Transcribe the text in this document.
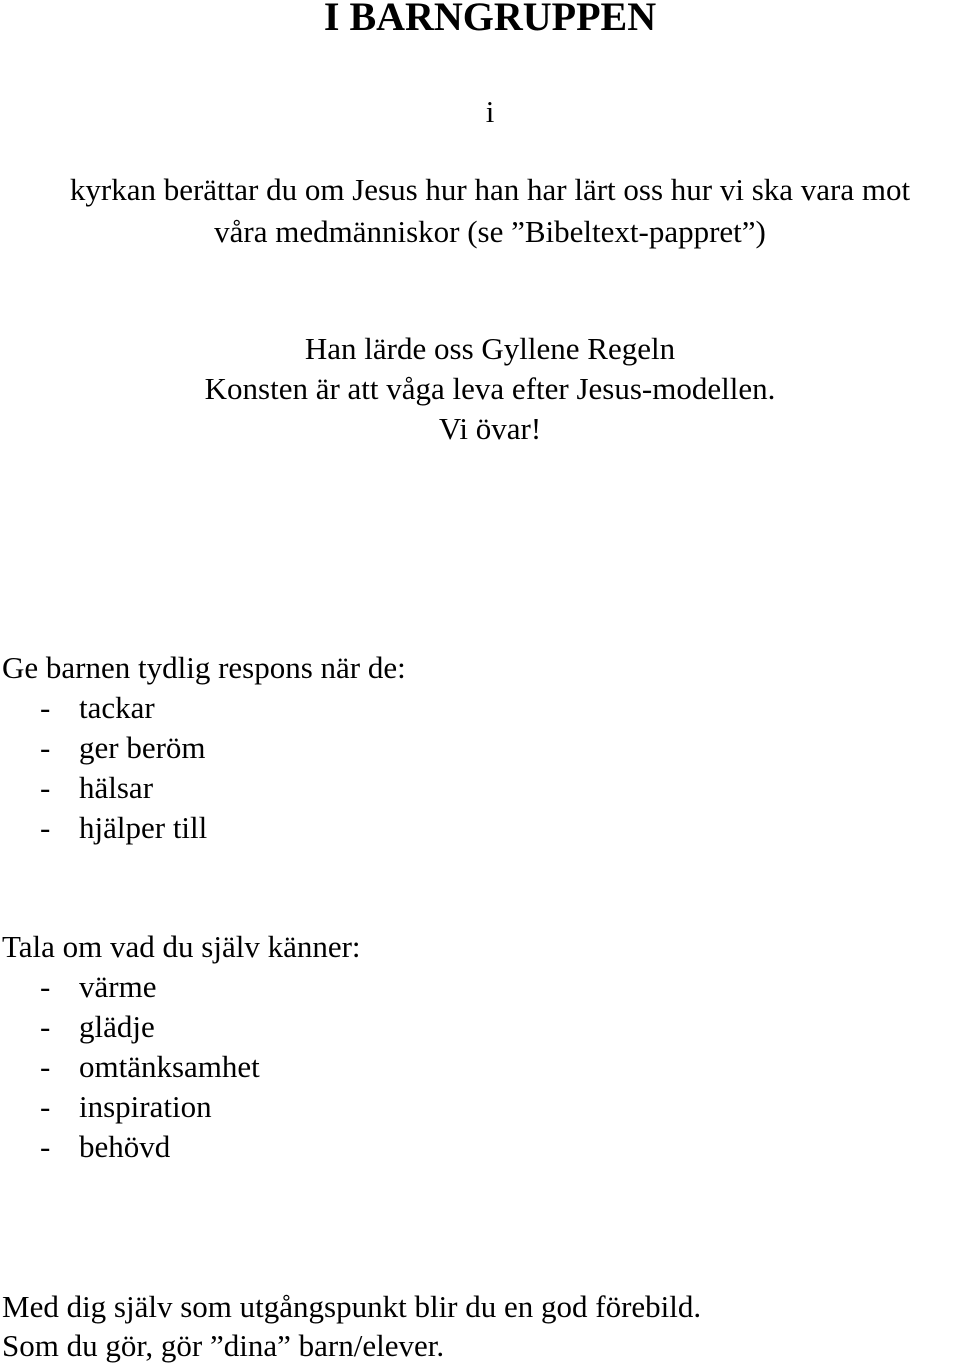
I BARNGRUPPEN

i

kyrkan berättar du om Jesus hur han har lärt oss hur vi ska vara mot

våra medmänniskor (se ”Bibeltext-pappret”)

Han lärde oss Gyllene Regeln

Konsten är att våga leva efter Jesus-modellen.

Vi övar!

Ge barnen tydlig respons när de:

- tackar
- ger beröm
- hälsar
- hjälper till

Tala om vad du själv känner:

- värme
- glädje
- omtänksamhet
- inspiration
- behövd

Med dig själv som utgångspunkt blir du en god förebild.

Som du gör, gör ”dina” barn/elever.
